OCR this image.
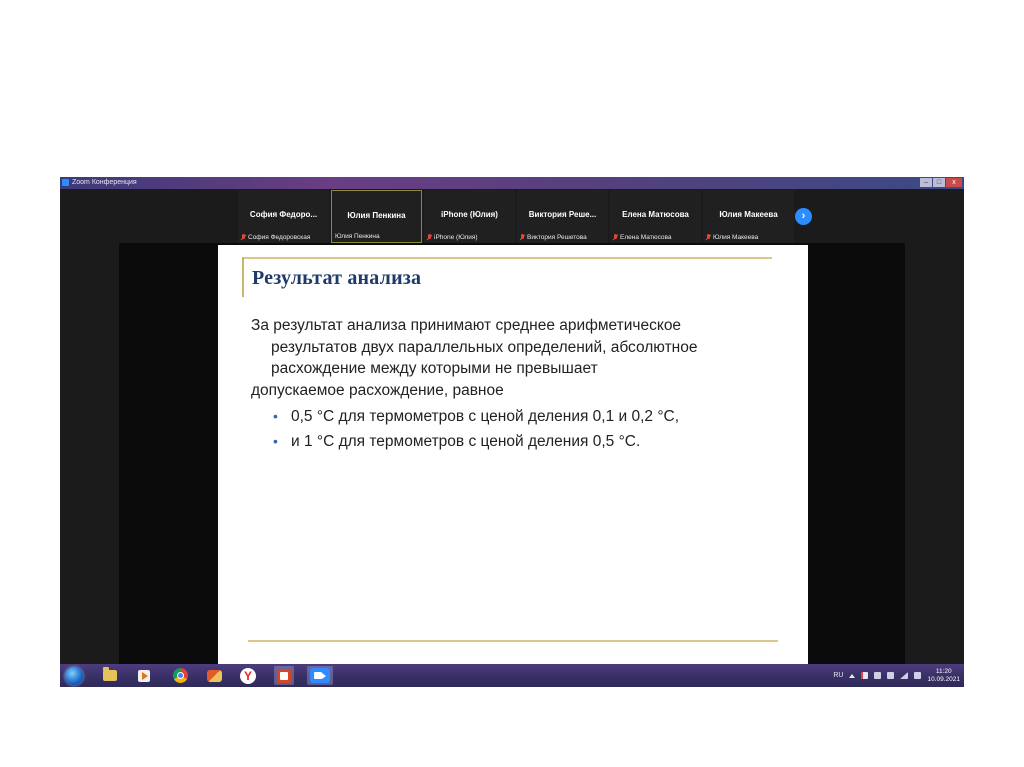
Zoom Конференция	–	□	x
София Федоро...
София Федоровская
Юлия Пенкина
Юлия Пенкина
iPhone (Юлия)
iPhone (Юлия)
Виктория Реше...
Виктория Решетова
Елена Матюсова
Елена Матюсова
Юлия Макеева
Юлия Макеева
›
Результат анализа

За результат анализа принимают среднее арифметическое
результатов двух параллельных определений, абсолютное расхождение между которыми не превышает
допускаемое расхождение, равное

• 0,5 °С для термометров с ценой деления 0,1 и 0,2 °С,
• и 1 °С для термометров с ценой деления 0,5 °С.
Y	RU
11:20
10.09.2021
